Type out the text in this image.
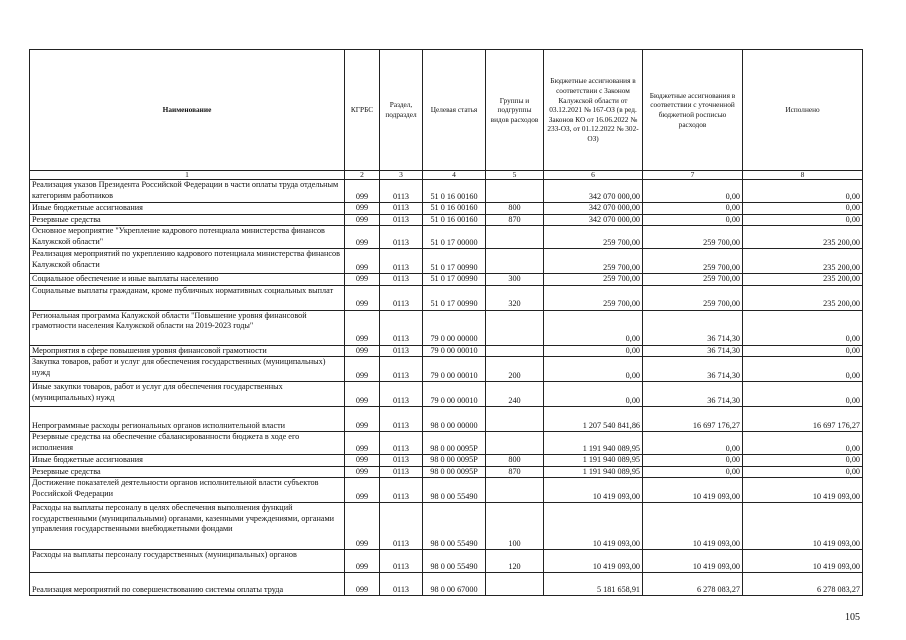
Наименование	КГРБС	Раздел, подраздел	Целевая статья	Группы и подгруппы видов расходов	Бюджетные ассигнования в соответствии с Законом Калужской области от 03.12.2021 № 167-ОЗ (в ред. Законов КО от 16.06.2022 № 233-ОЗ, от 01.12.2022 № 302-ОЗ)	Бюджетные ассигнования в соответствии с уточненной бюджетной росписью расходов	Исполнено
1	2	3	4	5	6	7	8
Реализация указов Президента Российской Федерации в части оплаты труда отдельным категориям работников	099	0113	51 0 16 00160		342 070 000,00	0,00	0,00
Иные бюджетные ассигнования	099	0113	51 0 16 00160	800	342 070 000,00	0,00	0,00
Резервные средства	099	0113	51 0 16 00160	870	342 070 000,00	0,00	0,00
Основное мероприятие "Укрепление кадрового потенциала министерства финансов Калужской области"	099	0113	51 0 17 00000		259 700,00	259 700,00	235 200,00
Реализация мероприятий по укреплению кадрового потенциала министерства финансов Калужской области	099	0113	51 0 17 00990		259 700,00	259 700,00	235 200,00
Социальное обеспечение и иные выплаты населению	099	0113	51 0 17 00990	300	259 700,00	259 700,00	235 200,00
Социальные выплаты гражданам, кроме публичных нормативных социальных выплат	099	0113	51 0 17 00990	320	259 700,00	259 700,00	235 200,00
Региональная программа Калужской области "Повышение уровня финансовой грамотности населения Калужской области на 2019-2023 годы"	099	0113	79 0 00 00000		0,00	36 714,30	0,00
Мероприятия в сфере повышения уровня финансовой грамотности	099	0113	79 0 00 00010		0,00	36 714,30	0,00
Закупка товаров, работ и услуг для обеспечения государственных (муниципальных) нужд	099	0113	79 0 00 00010	200	0,00	36 714,30	0,00
Иные закупки товаров, работ и услуг для обеспечения государственных (муниципальных) нужд	099	0113	79 0 00 00010	240	0,00	36 714,30	0,00
Непрограммные расходы региональных органов исполнительной власти	099	0113	98 0 00 00000		1 207 540 841,86	16 697 176,27	16 697 176,27
Резервные средства на обеспечение сбалансированности бюджета в ходе его исполнения	099	0113	98 0 00 0095Р		1 191 940 089,95	0,00	0,00
Иные бюджетные ассигнования	099	0113	98 0 00 0095Р	800	1 191 940 089,95	0,00	0,00
Резервные средства	099	0113	98 0 00 0095Р	870	1 191 940 089,95	0,00	0,00
Достижение показателей деятельности органов исполнительной власти субъектов Российской Федерации	099	0113	98 0 00 55490		10 419 093,00	10 419 093,00	10 419 093,00
Расходы на выплаты персоналу в целях обеспечения выполнения функций государственными (муниципальными) органами, казенными учреждениями, органами управления государственными внебюджетными фондами	099	0113	98 0 00 55490	100	10 419 093,00	10 419 093,00	10 419 093,00
Расходы на выплаты персоналу государственных (муниципальных) органов	099	0113	98 0 00 55490	120	10 419 093,00	10 419 093,00	10 419 093,00
Реализация мероприятий по совершенствованию системы оплаты труда	099	0113	98 0 00 67000		5 181 658,91	6 278 083,27	6 278 083,27
105
